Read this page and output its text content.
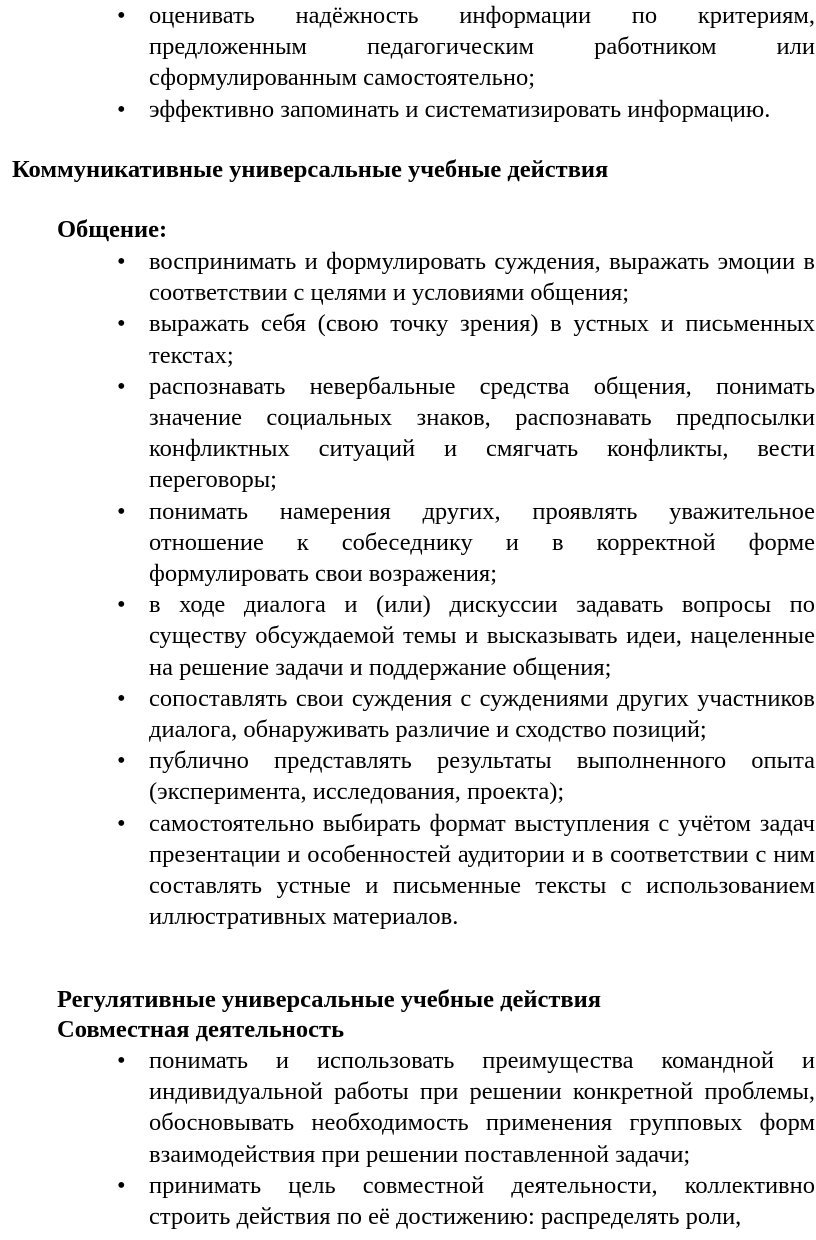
• оценивать надёжность информации по критериям, предложенным педагогическим работником или сформулированным самостоятельно;
• эффективно запоминать и систематизировать информацию.
Коммуникативные универсальные учебные действия
Общение:
• воспринимать и формулировать суждения, выражать эмоции в соответствии с целями и условиями общения;
• выражать себя (свою точку зрения) в устных и письменных текстах;
• распознавать невербальные средства общения, понимать значение социальных знаков, распознавать предпосылки конфликтных ситуаций и смягчать конфликты, вести переговоры;
• понимать намерения других, проявлять уважительное отношение к собеседнику и в корректной форме формулировать свои возражения;
• в ходе диалога и (или) дискуссии задавать вопросы по существу обсуждаемой темы и высказывать идеи, нацеленные на решение задачи и поддержание общения;
• сопоставлять свои суждения с суждениями других участников диалога, обнаруживать различие и сходство позиций;
• публично представлять результаты выполненного опыта (эксперимента, исследования, проекта);
• самостоятельно выбирать формат выступления с учётом задач презентации и особенностей аудитории и в соответствии с ним составлять устные и письменные тексты с использованием иллюстративных материалов.
Регулятивные универсальные учебные действия
Совместная деятельность
• понимать и использовать преимущества командной и индивидуальной работы при решении конкретной проблемы, обосновывать необходимость применения групповых форм взаимодействия при решении поставленной задачи;
• принимать цель совместной деятельности, коллективно строить действия по её достижению: распределять роли,
